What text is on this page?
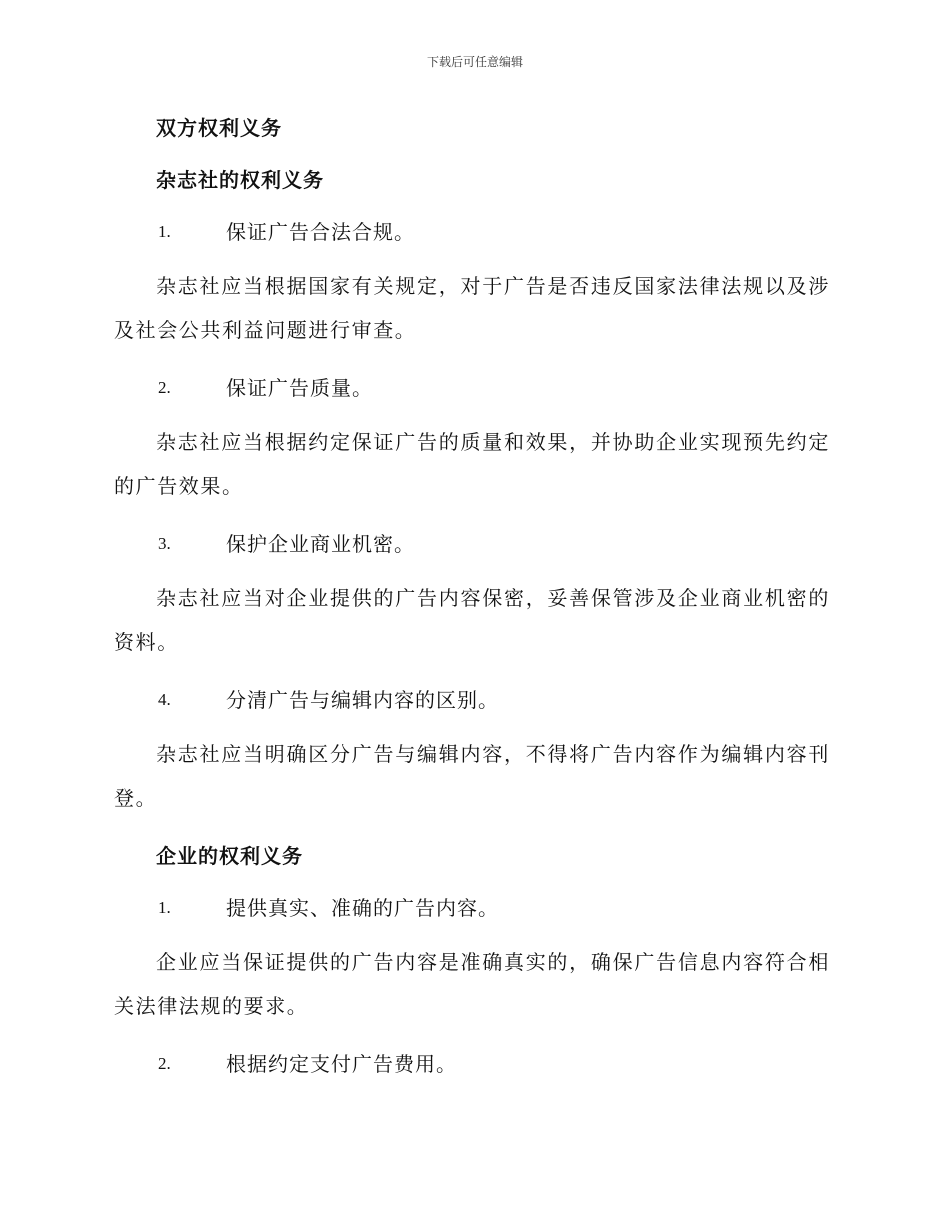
下载后可任意编辑
双方权利义务
杂志社的权利义务
1.	保证广告合法合规。

杂志社应当根据国家有关规定，对于广告是否违反国家法律法规以及涉及社会公共利益问题进行审查。

2.	保证广告质量。

杂志社应当根据约定保证广告的质量和效果，并协助企业实现预先约定的广告效果。

3.	保护企业商业机密。

杂志社应当对企业提供的广告内容保密，妥善保管涉及企业商业机密的资料。

4.	分清广告与编辑内容的区别。

杂志社应当明确区分广告与编辑内容，不得将广告内容作为编辑内容刊登。

企业的权利义务
1.	提供真实、准确的广告内容。

企业应当保证提供的广告内容是准确真实的，确保广告信息内容符合相关法律法规的要求。

2.	根据约定支付广告费用。
